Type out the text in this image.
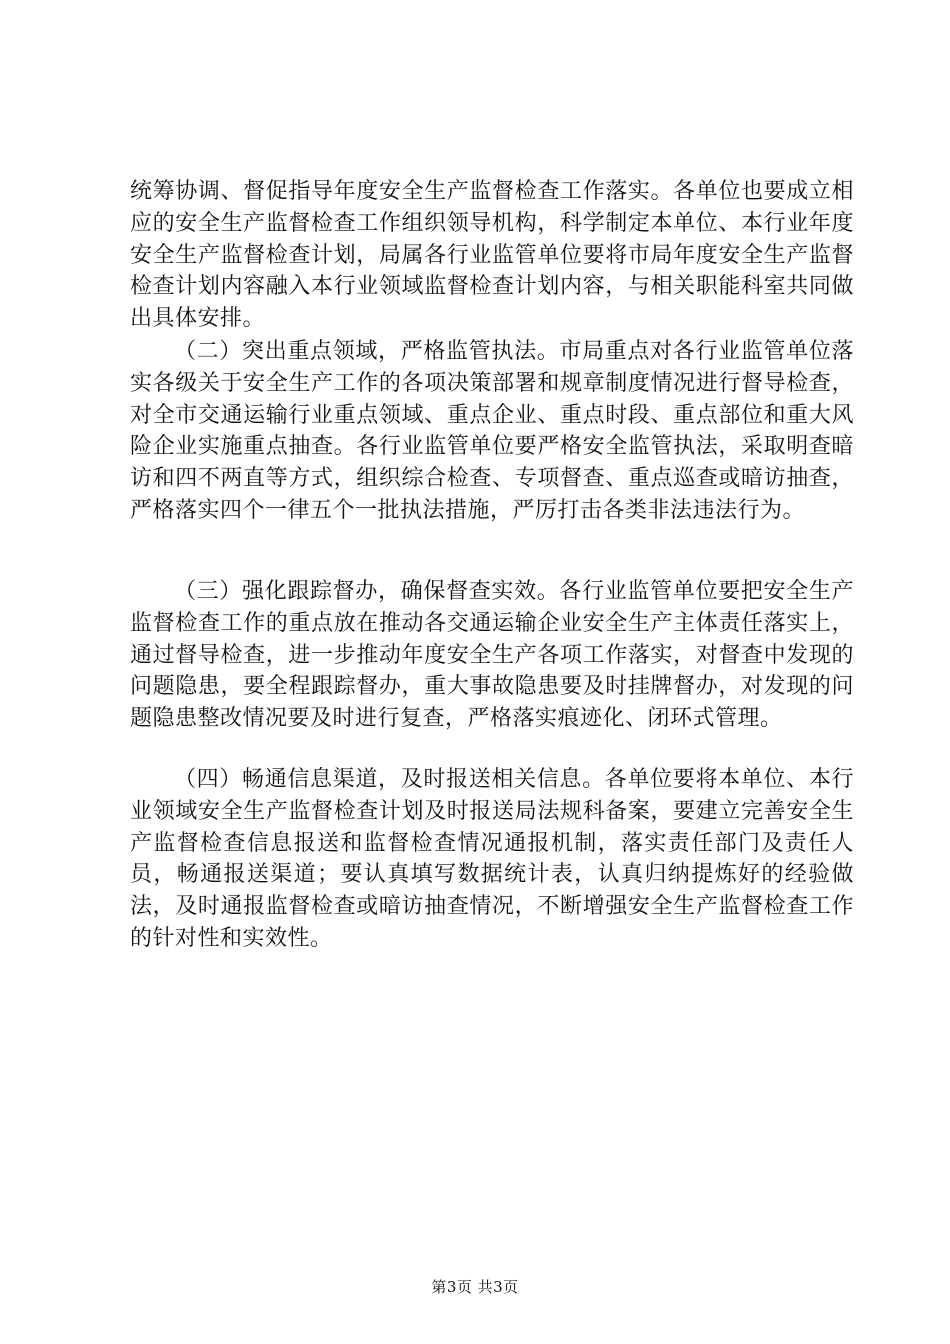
统筹协调、督促指导年度安全生产监督检查工作落实。各单位也要成立相应的安全生产监督检查工作组织领导机构，科学制定本单位、本行业年度安全生产监督检查计划，局属各行业监管单位要将市局年度安全生产监督检查计划内容融入本行业领域监督检查计划内容，与相关职能科室共同做出具体安排。

（二）突出重点领域，严格监管执法。市局重点对各行业监管单位落实各级关于安全生产工作的各项决策部署和规章制度情况进行督导检查，对全市交通运输行业重点领域、重点企业、重点时段、重点部位和重大风险企业实施重点抽查。各行业监管单位要严格安全监管执法，采取明查暗访和四不两直等方式，组织综合检查、专项督查、重点巡查或暗访抽查，严格落实四个一律五个一批执法措施，严厉打击各类非法违法行为。

（三）强化跟踪督办，确保督查实效。各行业监管单位要把安全生产监督检查工作的重点放在推动各交通运输企业安全生产主体责任落实上，通过督导检查，进一步推动年度安全生产各项工作落实，对督查中发现的问题隐患，要全程跟踪督办，重大事故隐患要及时挂牌督办，对发现的问题隐患整改情况要及时进行复查，严格落实痕迹化、闭环式管理。

（四）畅通信息渠道，及时报送相关信息。各单位要将本单位、本行业领域安全生产监督检查计划及时报送局法规科备案，要建立完善安全生产监督检查信息报送和监督检查情况通报机制，落实责任部门及责任人员，畅通报送渠道；要认真填写数据统计表，认真归纳提炼好的经验做法，及时通报监督检查或暗访抽查情况，不断增强安全生产监督检查工作的针对性和实效性。

第3页 共3页
